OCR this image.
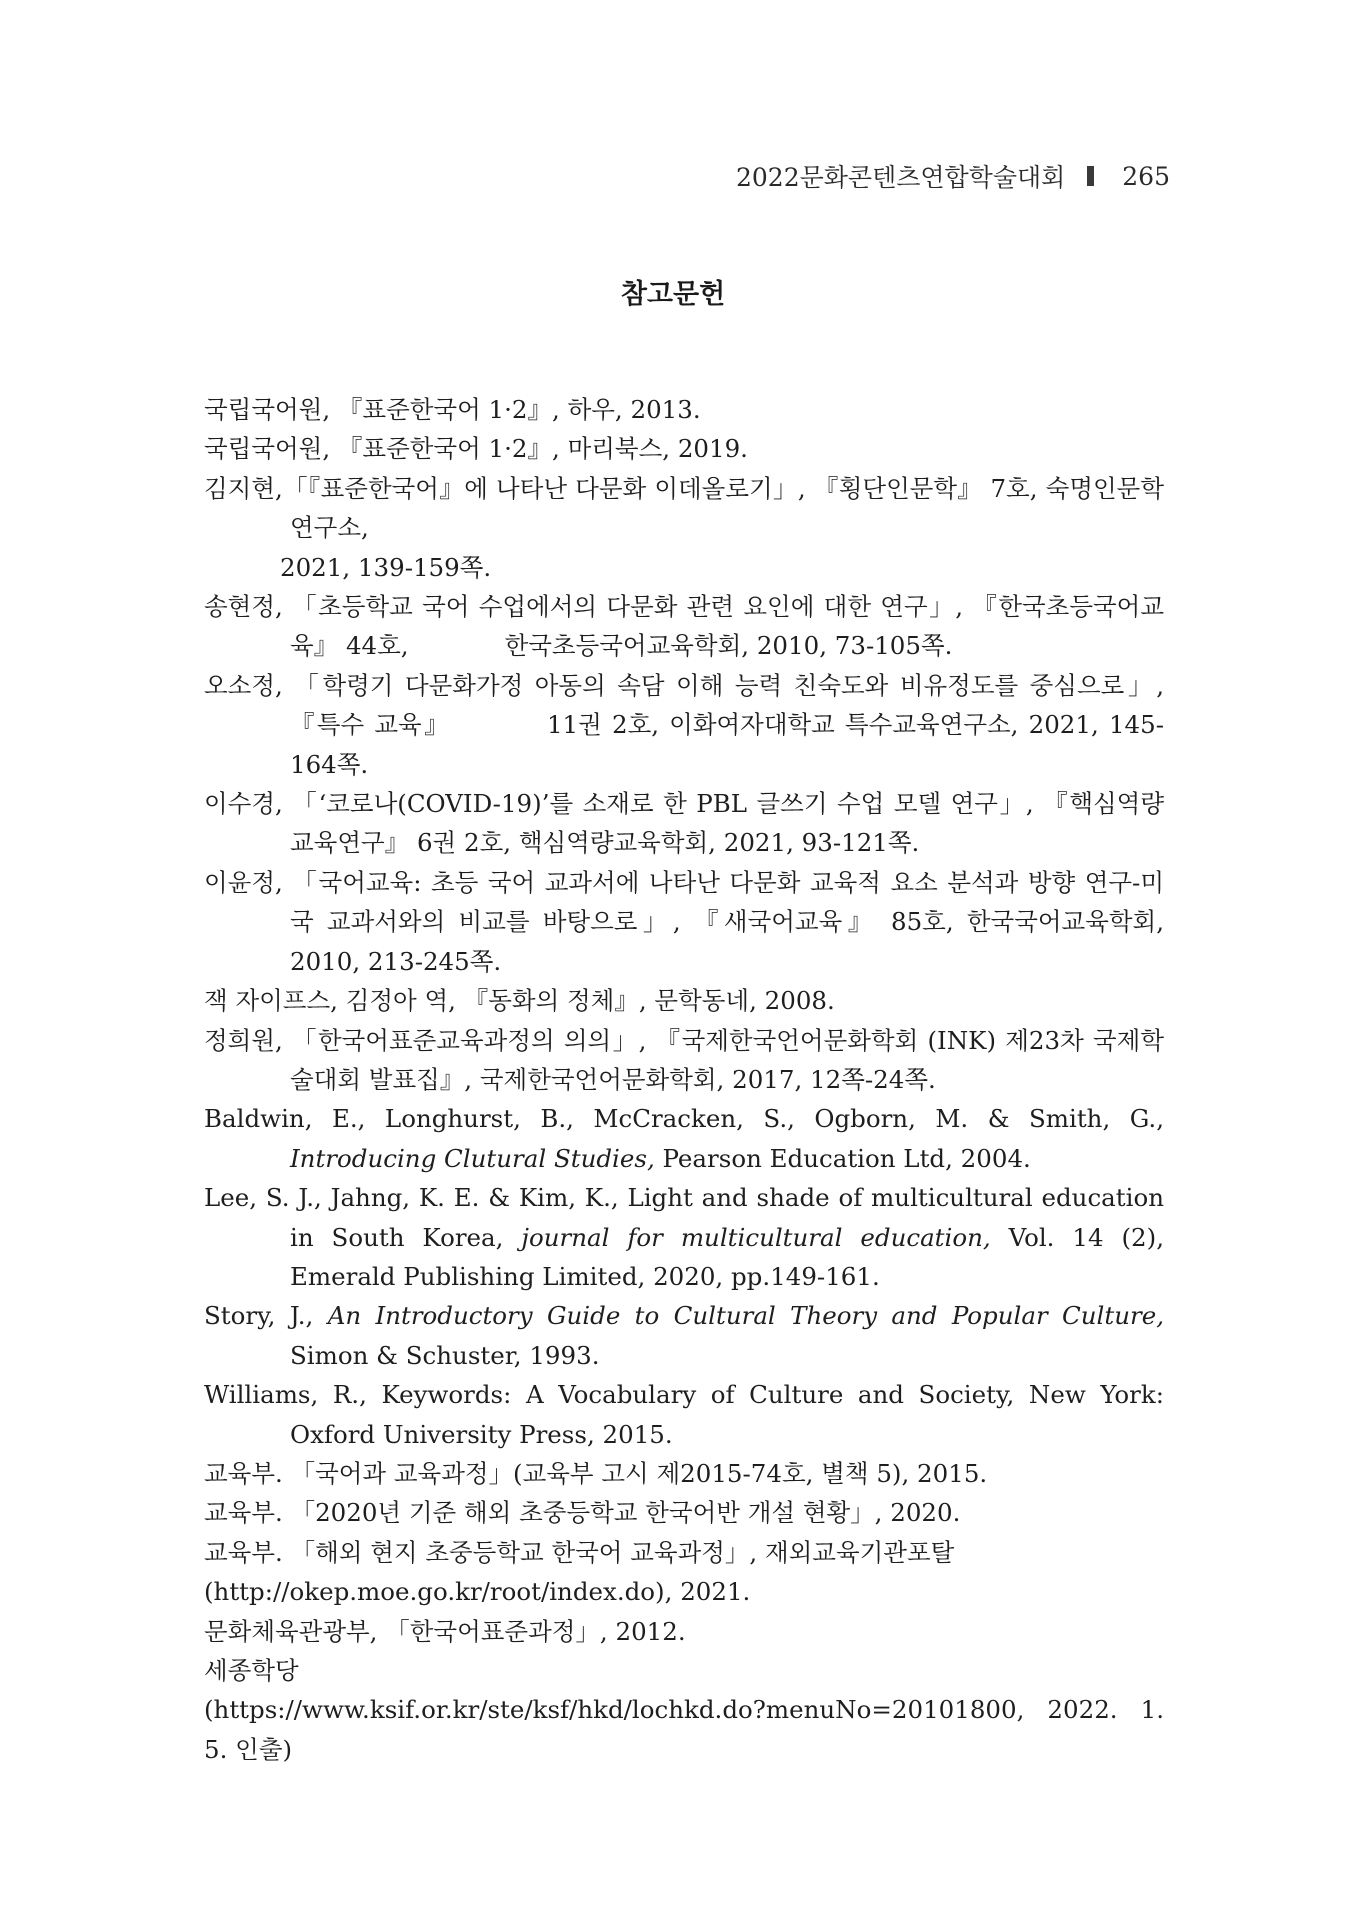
2022문화콘텐츠연합학술대회 265
참고문헌
국립국어원, 『표준한국어 1·2』, 하우, 2013.
국립국어원, 『표준한국어 1·2』, 마리북스, 2019.
김지현,「『표준한국어』에 나타난 다문화 이데올로기」, 『횡단인문학』 7호, 숙명인문학연구소,
2021, 139-159쪽.
송현정, 「초등학교 국어 수업에서의 다문화 관련 요인에 대한 연구」, 『한국초등국어교육』 44호,	한국초등국어교육학회, 2010, 73-105쪽.
오소정, 「학령기 다문화가정 아동의 속담 이해 능력 친숙도와 비유정도를 중심으로」, 『특수 교육』	11권 2호, 이화여자대학교 특수교육연구소, 2021, 145-164쪽.
이수경, 「‘코로나(COVID-19)’를 소재로 한 PBL 글쓰기 수업 모델 연구」, 『핵심역량교육연구』 6권 2호, 핵심역량교육학회, 2021, 93-121쪽.
이윤정, 「국어교육: 초등 국어 교과서에 나타난 다문화 교육적 요소 분석과 방향 연구-미국 교과서와의 비교를 바탕으로」, 『새국어교육』 85호, 한국국어교육학회, 2010, 213-245쪽.
잭 자이프스, 김정아 역, 『동화의 정체』, 문학동네, 2008.
정희원, 「한국어표준교육과정의 의의」, 『국제한국언어문화학회 (INK) 제23차 국제학술대회 발표집』, 국제한국언어문화학회, 2017, 12쪽-24쪽.
Baldwin, E., Longhurst, B., McCracken, S., Ogborn, M. & Smith, G., Introducing Clutural Studies, Pearson Education Ltd, 2004.
Lee, S. J., Jahng, K. E. & Kim, K., Light and shade of multicultural education in South Korea, journal for multicultural education, Vol. 14 (2), Emerald Publishing Limited, 2020, pp.149-161.
Story, J., An Introductory Guide to Cultural Theory and Popular Culture, Simon & Schuster, 1993.
Williams, R., Keywords: A Vocabulary of Culture and Society, New York: Oxford University Press, 2015.
교육부. 「국어과 교육과정」(교육부 고시 제2015-74호, 별책 5), 2015.
교육부. 「2020년 기준 해외 초중등학교 한국어반 개설 현황」, 2020.
교육부. 「해외 현지 초중등학교 한국어 교육과정」, 재외교육기관포탈
(http://okep.moe.go.kr/root/index.do), 2021.
문화체육관광부, 「한국어표준과정」, 2012.
세종학당
(https://www.ksif.or.kr/ste/ksf/hkd/lochkd.do?menuNo=20101800, 2022. 1. 5. 인출)
